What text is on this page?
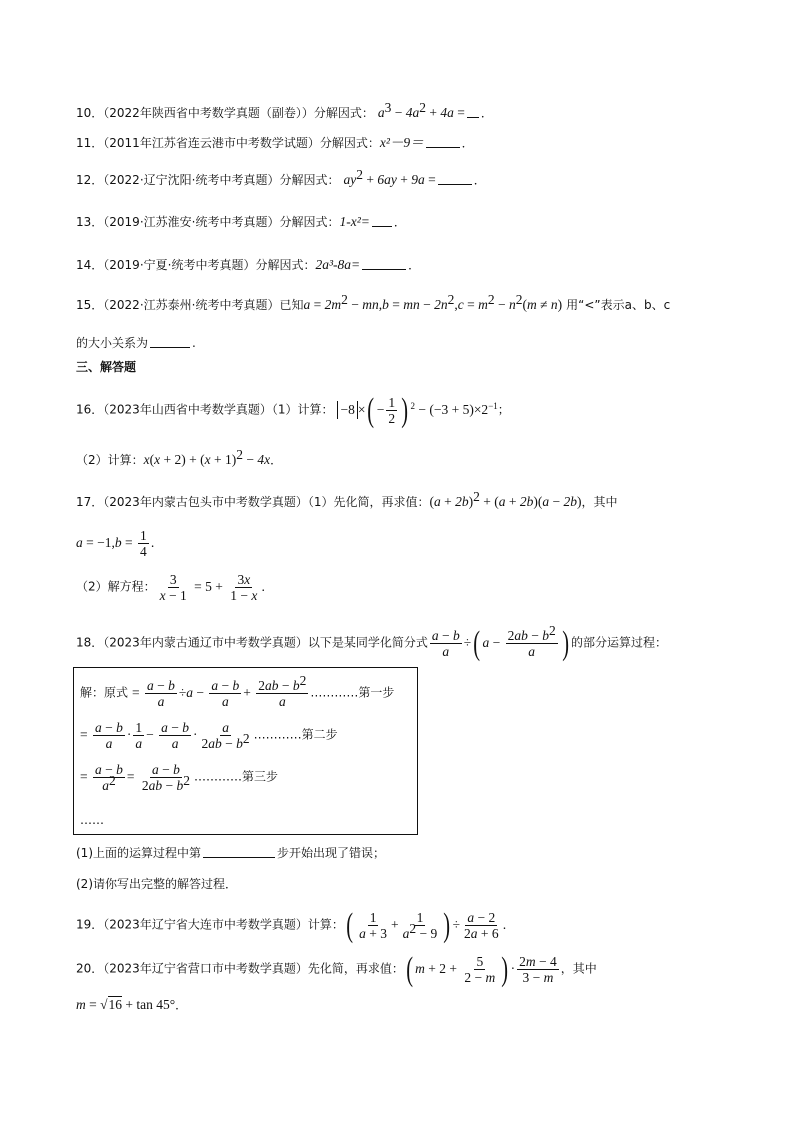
10．（2022年陕西省中考数学真题（副卷））分解因式： $a^3 - 4a^2 + 4a$ = ．
11．（2011年江苏省连云港市中考数学试题）分解因式：x²－9＝	．
12．（2022·辽宁沈阳·统考中考真题）分解因式： $ay^2 + 6ay + 9a$ =	．
13．（2019·江苏淮安·统考中考真题）分解因式：1-x²= ．
14．（2019·宁夏·统考中考真题）分解因式：2a³-8a=	．
15．（2022·江苏泰州·统考中考真题）已知$a = 2m^2 - mn,b$ = mn − $2n^2,c = m^2 - n^2(m \ne n)$ 用“<”表示a、b、c
的大小关系为	.
三、解答题
16．（2023年山西省中考数学真题）（1）计算： −8 ×( − $\frac{1}{2}$ ) $^2 - (-3 + 5)\times 2^{-1}$；
（2）计算：$x(x + 2) + (x + 1)^2 - 4x$．
17．（2023年内蒙古包头市中考数学真题）（1）先化简，再求值：$(a + 2b)^2 + (a + 2b)(a - 2b)$，其中
$a = -1,b = \frac{1}{4}$ ．
（2）解方程： $\frac{3}{x - 1} = 5 + \frac{3x}{1 - x}$ ．
18．（2023年内蒙古通辽市中考数学真题）以下是某同学化简分式 $\frac{a - b}{a}$ ÷( $a - \frac{2ab - b^2}{a}$ ) 的部分运算过程：
解：原式 = $\frac{a - b}{a} \div a - \frac{a - b}{a} + \frac{2ab - b^2}{a}$ …………第一步
= $\frac{a - b}{a} \cdot \frac{1}{a} - \frac{a - b}{a} \cdot \frac{a}{2ab - b^2}$ …………第二步
= $\frac{a - b}{a^2} = \frac{a - b}{2ab - b^2}$ …………第三步
……
(1)上面的运算过程中第	步开始出现了错误；
(2)请你写出完整的解答过程．
19．（2023年辽宁省大连市中考数学真题）计算：( $\frac{1}{a + 3} + \frac{1}{a^2 - 9}$ ) ÷ $\frac{a - 2}{2a + 6}$ ．
20．（2023年辽宁省营口市中考数学真题）先化简，再求值：( $m + 2 + \frac{5}{2 - m}$ ) · $\frac{2m - 4}{3 - m}$ ，其中
m = √16 + tan 45°．
